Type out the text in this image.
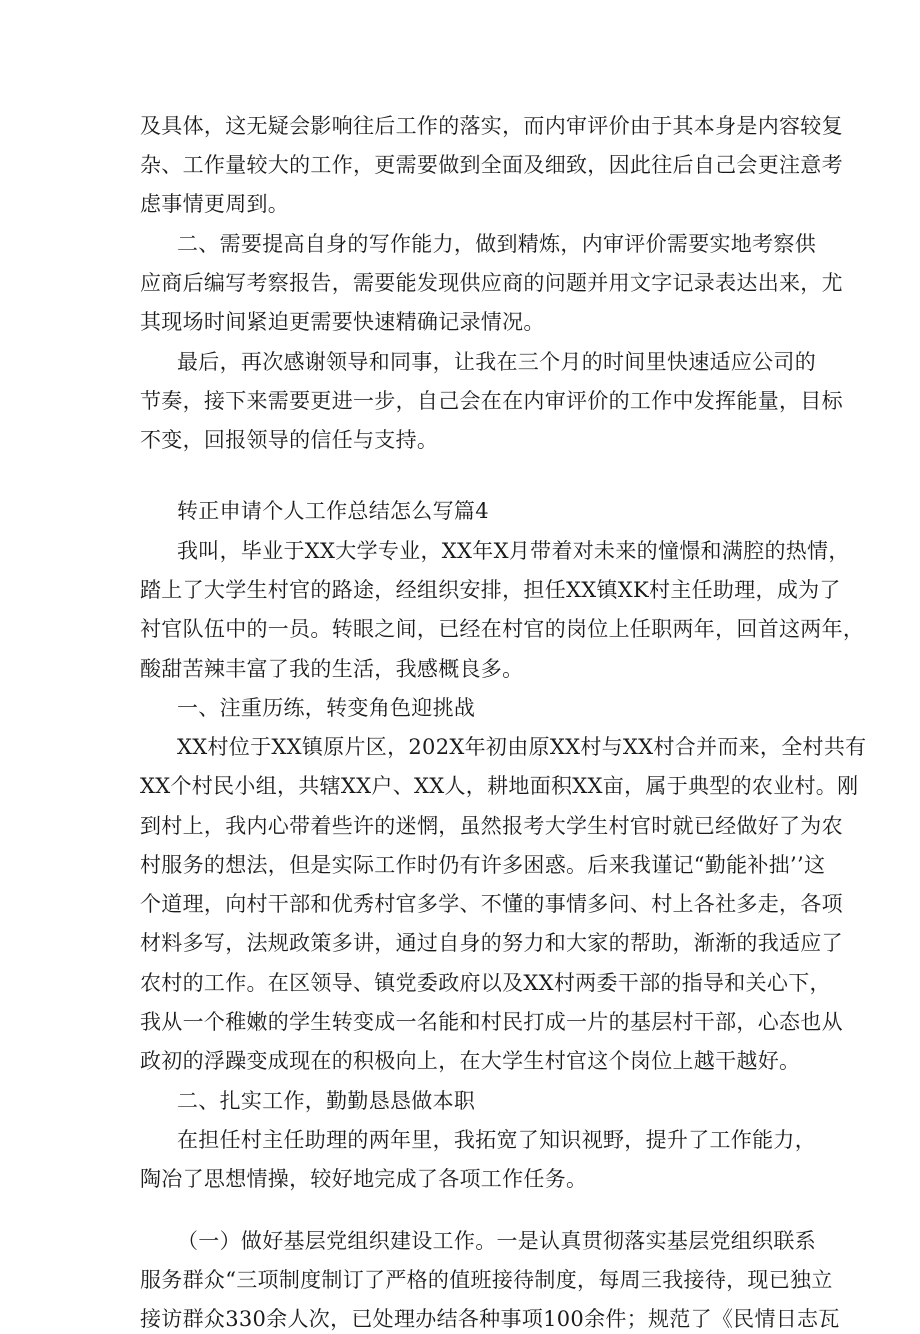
及具体，这无疑会影响往后工作的落实，而内审评价由于其本身是内容较复
杂、工作量较大的工作，更需要做到全面及细致，因此往后自己会更注意考
虑事情更周到。
二、需要提高自身的写作能力，做到精炼，内审评价需要实地考察供
应商后编写考察报告，需要能发现供应商的问题并用文字记录表达出来，尤
其现场时间紧迫更需要快速精确记录情况。
最后，再次感谢领导和同事，让我在三个月的时间里快速适应公司的
节奏，接下来需要更进一步，自己会在在内审评价的工作中发挥能量，目标
不变，回报领导的信任与支持。
转正申请个人工作总结怎么写篇4
我叫，毕业于XX大学专业，XX年X月带着对未来的憧憬和满腔的热情，
踏上了大学生村官的路途，经组织安排，担任XX镇XK村主任助理，成为了
衬官队伍中的一员。转眼之间，已经在村官的岗位上任职两年，回首这两年，
酸甜苦辣丰富了我的生活，我感概良多。
一、注重历练，转变角色迎挑战
XX村位于XX镇原片区，202X年初由原XX村与XX村合并而来，全村共有
XX个村民小组，共辖XX户、XX人，耕地面积XX亩，属于典型的农业村。刚
到村上，我内心带着些许的迷惘，虽然报考大学生村官时就已经做好了为农
村服务的想法，但是实际工作时仍有许多困惑。后来我谨记“勤能补拙’’这
个道理，向村干部和优秀村官多学、不懂的事情多问、村上各社多走，各项
材料多写，法规政策多讲，通过自身的努力和大家的帮助，渐渐的我适应了
农村的工作。在区领导、镇党委政府以及XX村两委干部的指导和关心下，
我从一个稚嫩的学生转变成一名能和村民打成一片的基层村干部，心态也从
政初的浮躁变成现在的积极向上，在大学生村官这个岗位上越干越好。
二、扎实工作，勤勤恳恳做本职
在担任村主任助理的两年里，我拓宽了知识视野，提升了工作能力，
陶冶了思想情操，较好地完成了各项工作任务。
（一）做好基层党组织建设工作。一是认真贯彻落实基层党组织联系
服务群众“三项制度制订了严格的值班接待制度，每周三我接待，现已独立
接访群众330余人次，已处理办结各种事项100余件；规范了《民情日志瓦
